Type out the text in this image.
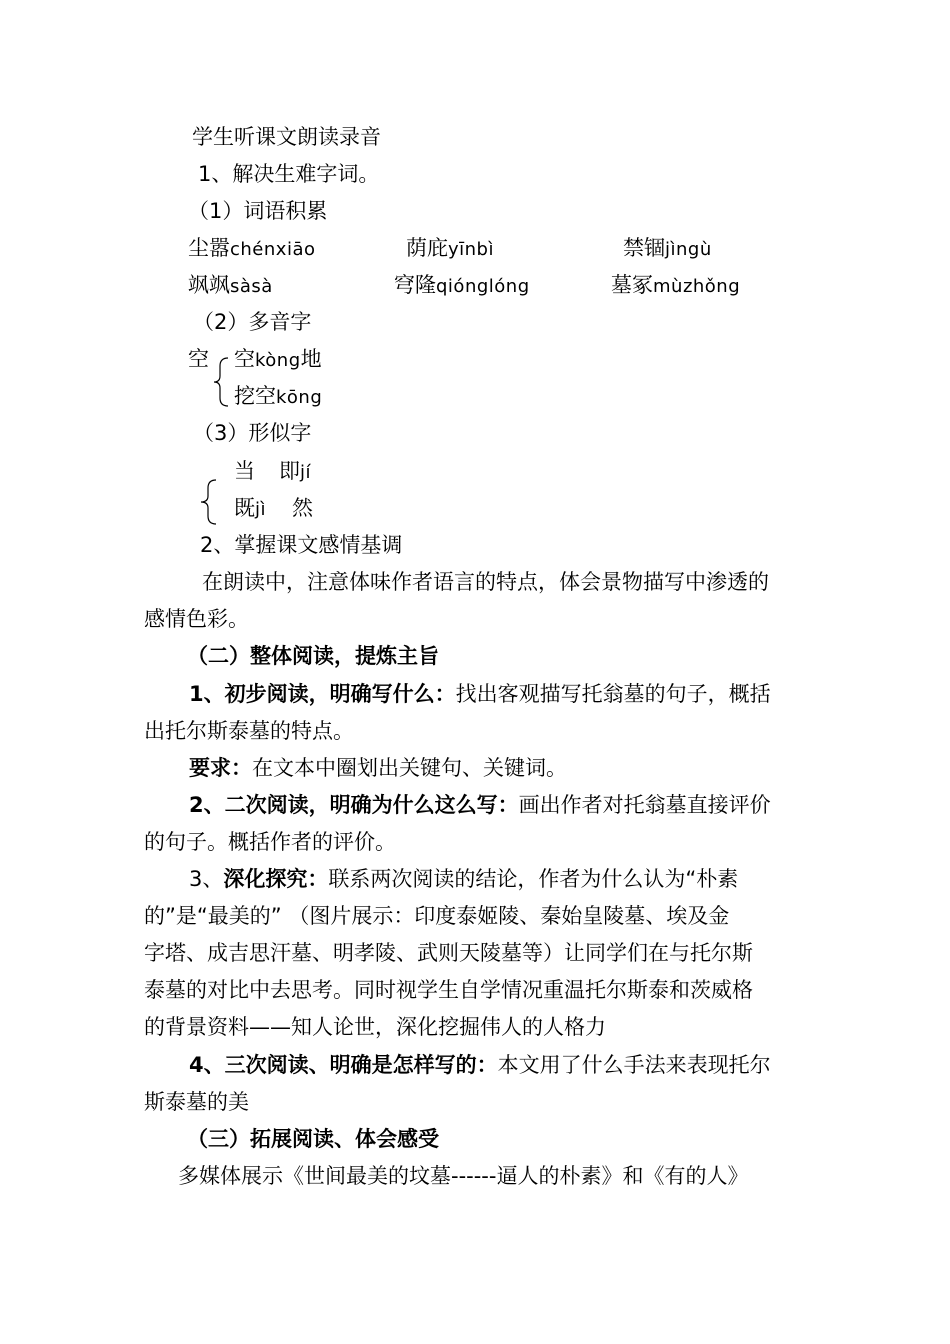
学生听课文朗读录音
1、解决生难字词。
（1）词语积累
尘嚣chénxiāo	荫庇yīnbì	禁锢jìngù
飒飒sàsà	穹隆qiónglóng	墓冢mùzhǒng
（2）多音字
空 空kòng地
挖空kōng
（3）形似字
当 即jí
既jì 然
2、掌握课文感情基调
在朗读中，注意体味作者语言的特点，体会景物描写中渗透的
感情色彩。
（二）整体阅读，提炼主旨
1、初步阅读，明确写什么：找出客观描写托翁墓的句子，概括
出托尔斯泰墓的特点。
要求：在文本中圈划出关键句、关键词。
2、二次阅读，明确为什么这么写：画出作者对托翁墓直接评价
的句子。概括作者的评价。
3、深化探究：联系两次阅读的结论，作者为什么认为“朴素
的”是“最美的” （图片展示：印度泰姬陵、秦始皇陵墓、埃及金
字塔、成吉思汗墓、明孝陵、武则天陵墓等）让同学们在与托尔斯
泰墓的对比中去思考。同时视学生自学情况重温托尔斯泰和茨威格
的背景资料——知人论世，深化挖掘伟人的人格力
4、三次阅读、明确是怎样写的：本文用了什么手法来表现托尔
斯泰墓的美
（三）拓展阅读、体会感受
多媒体展示《世间最美的坟墓------逼人的朴素》和《有的人》
